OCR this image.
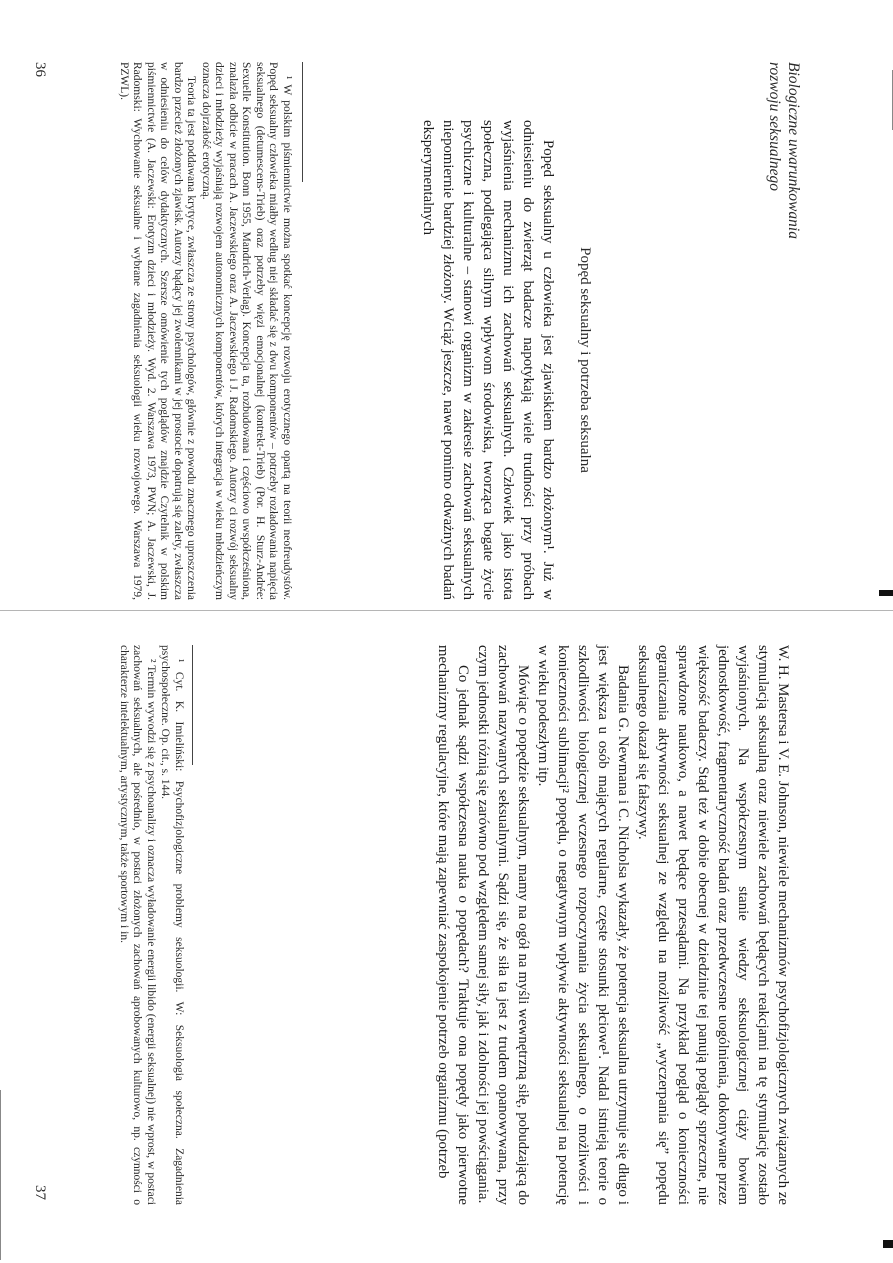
Biologiczne uwarunkowania
rozwoju seksualnego
Popęd seksualny i potrzeba seksualna

Popęd seksualny u człowieka jest zjawiskiem bardzo złożonym¹. Już w odniesieniu do zwierząt badacze napotykają wiele trudności przy próbach wyjaśnienia mechanizmu ich zachowań seksualnych. Człowiek jako istota społeczna, podlegająca silnym wpływom środowiska, tworząca bogate życie psychiczne i kulturalne – stanowi organizm w zakresie zachowań seksualnych niepomiernie bardziej złożony. Wciąż jeszcze, nawet pomimo odważnych badań eksperymentalnych

¹ W polskim piśmiennictwie można spotkać koncepcję rozwoju erotycznego opartą na teorii neofreudystów. Popęd seksualny człowieka miałby według niej składać się z dwu komponentów – potrzeby rozładowania napięcia seksualnego (detumescens-Trieb) oraz potrzeby więzi emocjonalnej (kontrekt-Trieb) (Por. H. Sturz-Andrée: Sexuelle Konstitution. Bonn 1955, Mandrich-Verlag). Koncepcja ta, rozbudowana i częściowo uwspółcześniona, znalazła odbicie w pracach A. Jaczewskiego oraz A. Jaczewskiego i J. Radomskiego. Autorzy ci rozwój seksualny dzieci i młodzieży wyjaśniają rozwojem autonomicznych komponentów, których integracja w wieku młodzieńczym oznacza dojrzałość erotyczną.

Teoria ta jest poddawana krytyce, zwłaszcza ze strony psychologów, głównie z powodu znacznego uproszczenia bardzo przecież złożonych zjawisk. Autorzy bądący jej zwolennikami w jej prostocie dopatrują się zalety, zwłaszcza w odniesieniu do celów dydaktycznych. Szersze omówienie tych poglądów znajdzie Czytelnik w polskim piśmiennictwie (A. Jaczewski: Erotyzm dzieci i młodzieży. Wyd. 2. Warszawa 1973, PWN; A. Jaczewski, J. Radomski: Wychowanie seksualne i wybrane zagadnienia seksuologii wieku rozwojowego. Warszawa 1979, PZWL).

36

W. H. Mastersa i V. E. Johnson, niewiele mechanizmów psychofizjologicznych związanych ze stymulacją seksualną oraz niewiele zachowań będących reakcjami na tę stymulację zostało wyjaśnionych. Na współczesnym stanie wiedzy seksuologicznej ciąży bowiem jednostkowość, fragmentaryczność badań oraz przedwczesne uogólnienia, dokonywane przez większość badaczy. Stąd też w dobie obecnej w dziedzinie tej panują poglądy sprzeczne, nie sprawdzone naukowo, a nawet będące przesądami. Na przykład pogląd o konieczności ograniczania aktywności seksualnej ze względu na możliwość „wyczerpania się” popędu seksualnego okazał się fałszywy.

Badania G. Newmana i C. Nicholsa wykazały, że potencja seksualna utrzymuje się długo i jest większa u osób mających regularne, częste stosunki płciowe¹. Nadal istnieją teorie o szkodliwości biologicznej wczesnego rozpoczynania życia seksualnego, o możliwości i konieczności sublimacji² popędu, o negatywnym wpływie aktywności seksualnej na potencję w wieku podeszłym itp.

Mówiąc o popędzie seksualnym, mamy na ogół na myśli wewnętrzną siłę, pobudzającą do zachowań nazywanych seksualnymi. Sądzi się, że siła ta jest z trudem opanowywana, przy czym jednostki różnią się zarówno pod względem samej siły, jak i zdolności jej powściągania.

Co jednak sądzi współczesna nauka o popędach? Traktuje ona popędy jako pierwotne mechanizmy regulacyjne, które mają zapewniać zaspokojenie potrzeb organizmu (potrzeb

¹ Cyt. K. Imieliński: Psychofizjologiczne problemy seksuologii. W: Seksuologia społeczna. Zagadnienia psychospołeczne. Op. cit., s. 144.

² Termin wywodzi się z psychoanalizy i oznacza wyładowanie energii libido (energii seksualnej) nie wprost, w postaci zachowań seksualnych, ale pośrednio, w postaci złożonych zachowań aprobowanych kulturowo, np. czynności o charakterze intelektualnym, artystycznym, także sportowym i in.

37
